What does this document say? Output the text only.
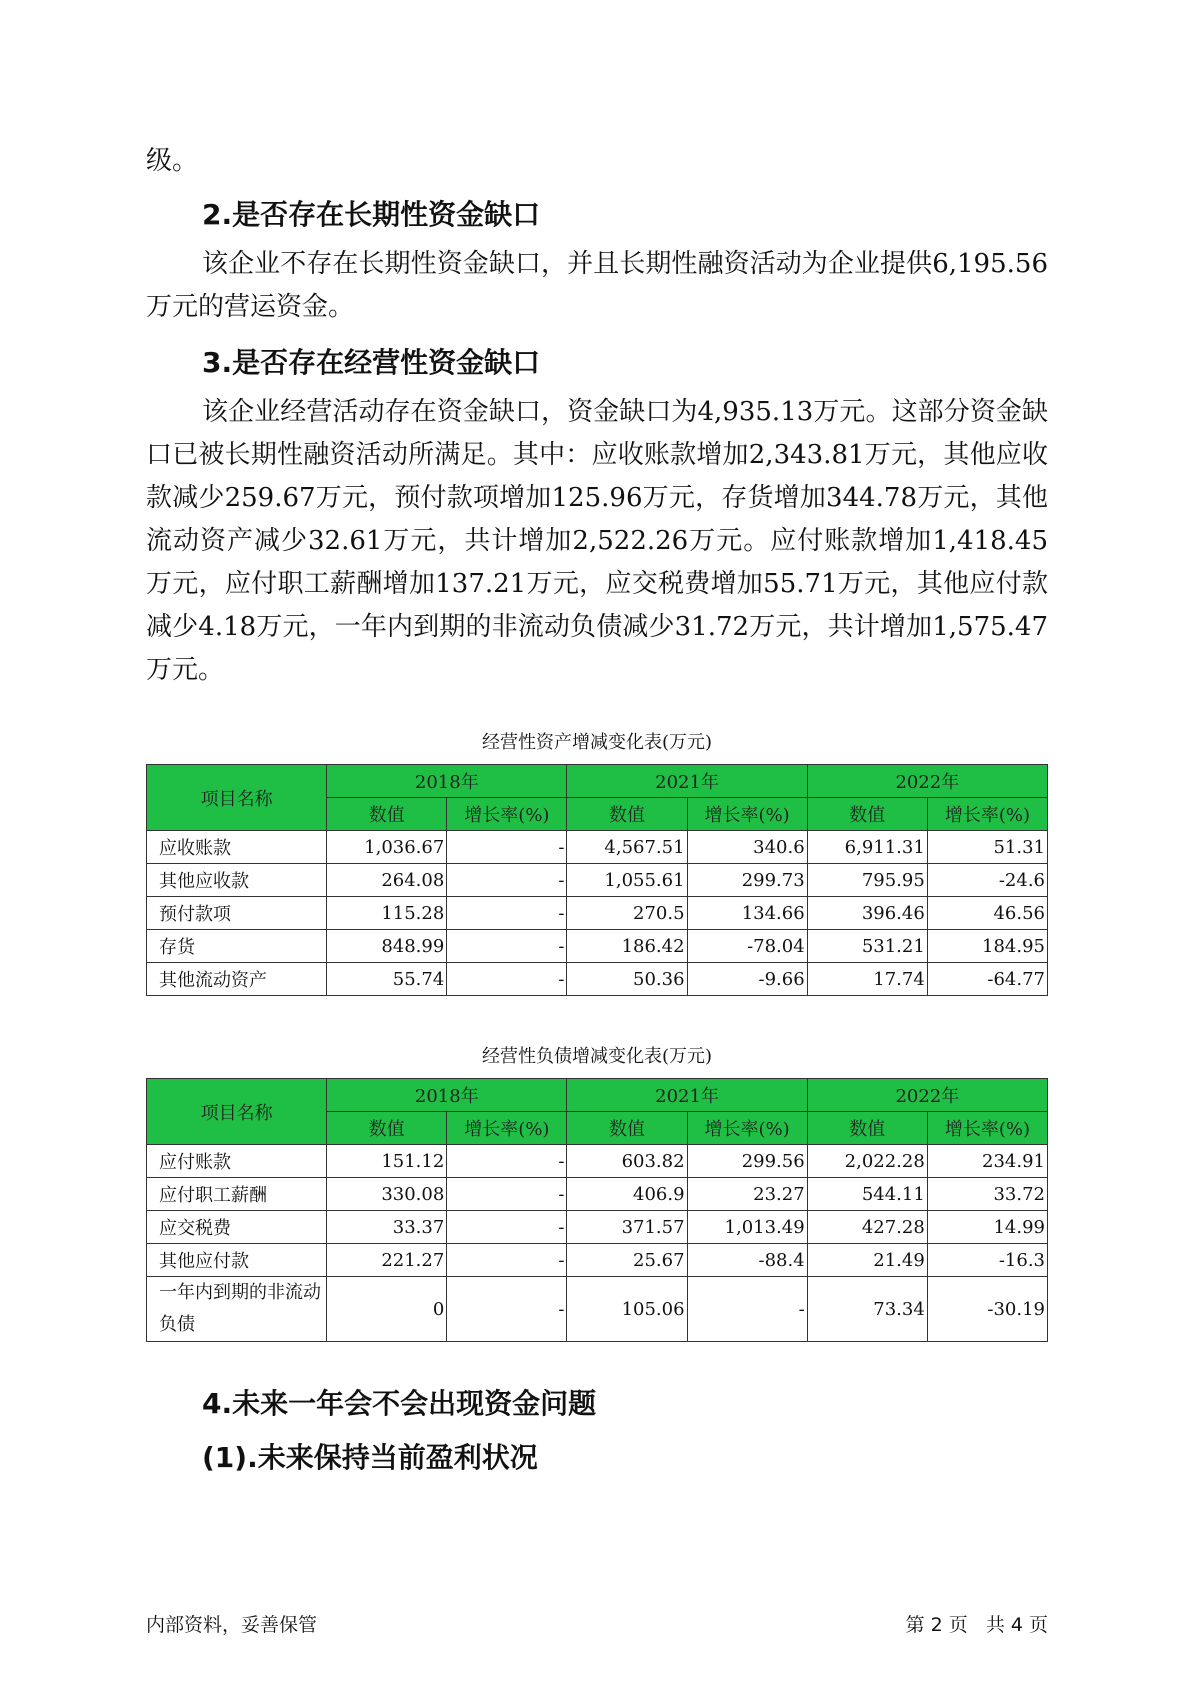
级。

2.是否存在长期性资金缺口

该企业不存在长期性资金缺口，并且长期性融资活动为企业提供6,195.56万元的营运资金。

3.是否存在经营性资金缺口

该企业经营活动存在资金缺口，资金缺口为4,935.13万元。这部分资金缺口已被长期性融资活动所满足。其中：应收账款增加2,343.81万元，其他应收款减少259.67万元，预付款项增加125.96万元，存货增加344.78万元，其他流动资产减少32.61万元，共计增加2,522.26万元。应付账款增加1,418.45万元，应付职工薪酬增加137.21万元，应交税费增加55.71万元，其他应付款减少4.18万元，一年内到期的非流动负债减少31.72万元，共计增加1,575.47万元。

经营性资产增减变化表(万元)

项目名称	2018年		2021年		2022年	
	数值	增长率(%)	数值	增长率(%)	数值	增长率(%)
应收账款	1,036.67	-	4,567.51	340.6	6,911.31	51.31
其他应收款	264.08	-	1,055.61	299.73	795.95	-24.6
预付款项	115.28	-	270.5	134.66	396.46	46.56
存货	848.99	-	186.42	-78.04	531.21	184.95
其他流动资产	55.74	-	50.36	-9.66	17.74	-64.77

经营性负债增减变化表(万元)

项目名称	2018年		2021年		2022年	
	数值	增长率(%)	数值	增长率(%)	数值	增长率(%)
应付账款	151.12	-	603.82	299.56	2,022.28	234.91
应付职工薪酬	330.08	-	406.9	23.27	544.11	33.72
应交税费	33.37	-	371.57	1,013.49	427.28	14.99
其他应付款	221.27	-	25.67	-88.4	21.49	-16.3
一年内到期的非流动负债	0	-	105.06	-	73.34	-30.19
4.未来一年会不会出现资金问题
(1).未来保持当前盈利状况
内部资料，妥善保管	第 2 页   共 4 页
